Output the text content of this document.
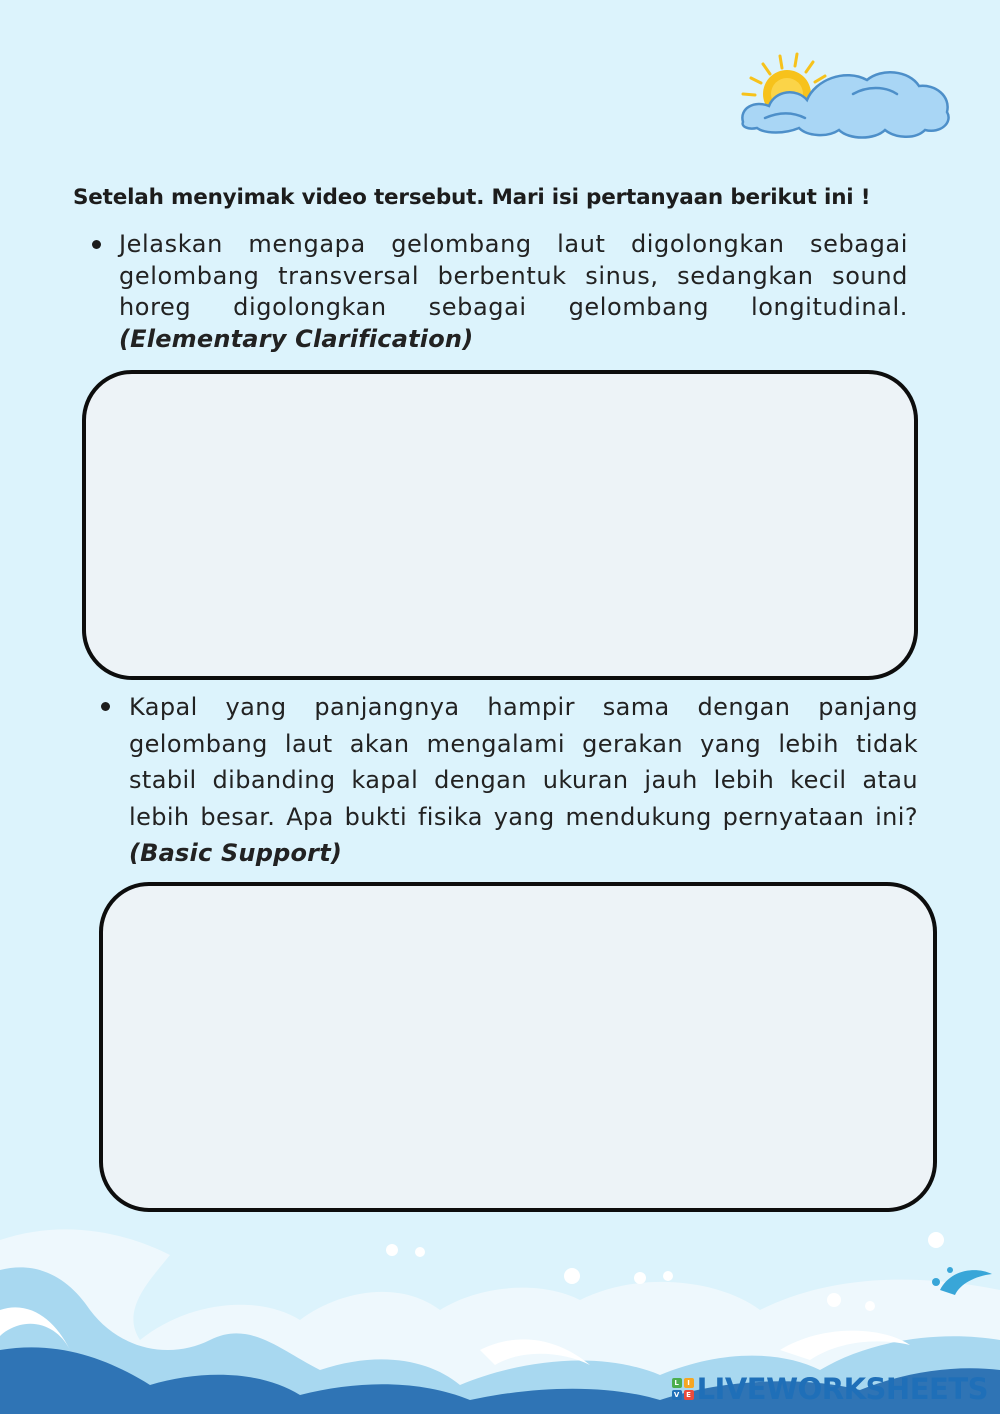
Setelah menyimak video tersebut. Mari isi pertanyaan berikut ini !
Jelaskan mengapa gelombang laut digolongkan sebagai gelombang transversal berbentuk sinus, sedangkan sound horeg digolongkan sebagai gelombang longitudinal. (Elementary Clarification)
Kapal yang panjangnya hampir sama dengan panjang gelombang laut akan mengalami gerakan yang lebih tidak stabil dibanding kapal dengan ukuran jauh lebih kecil atau lebih besar. Apa bukti fisika yang mendukung pernyataan ini? (Basic Support)
L	I
V E LIVEWORKSHEETS
